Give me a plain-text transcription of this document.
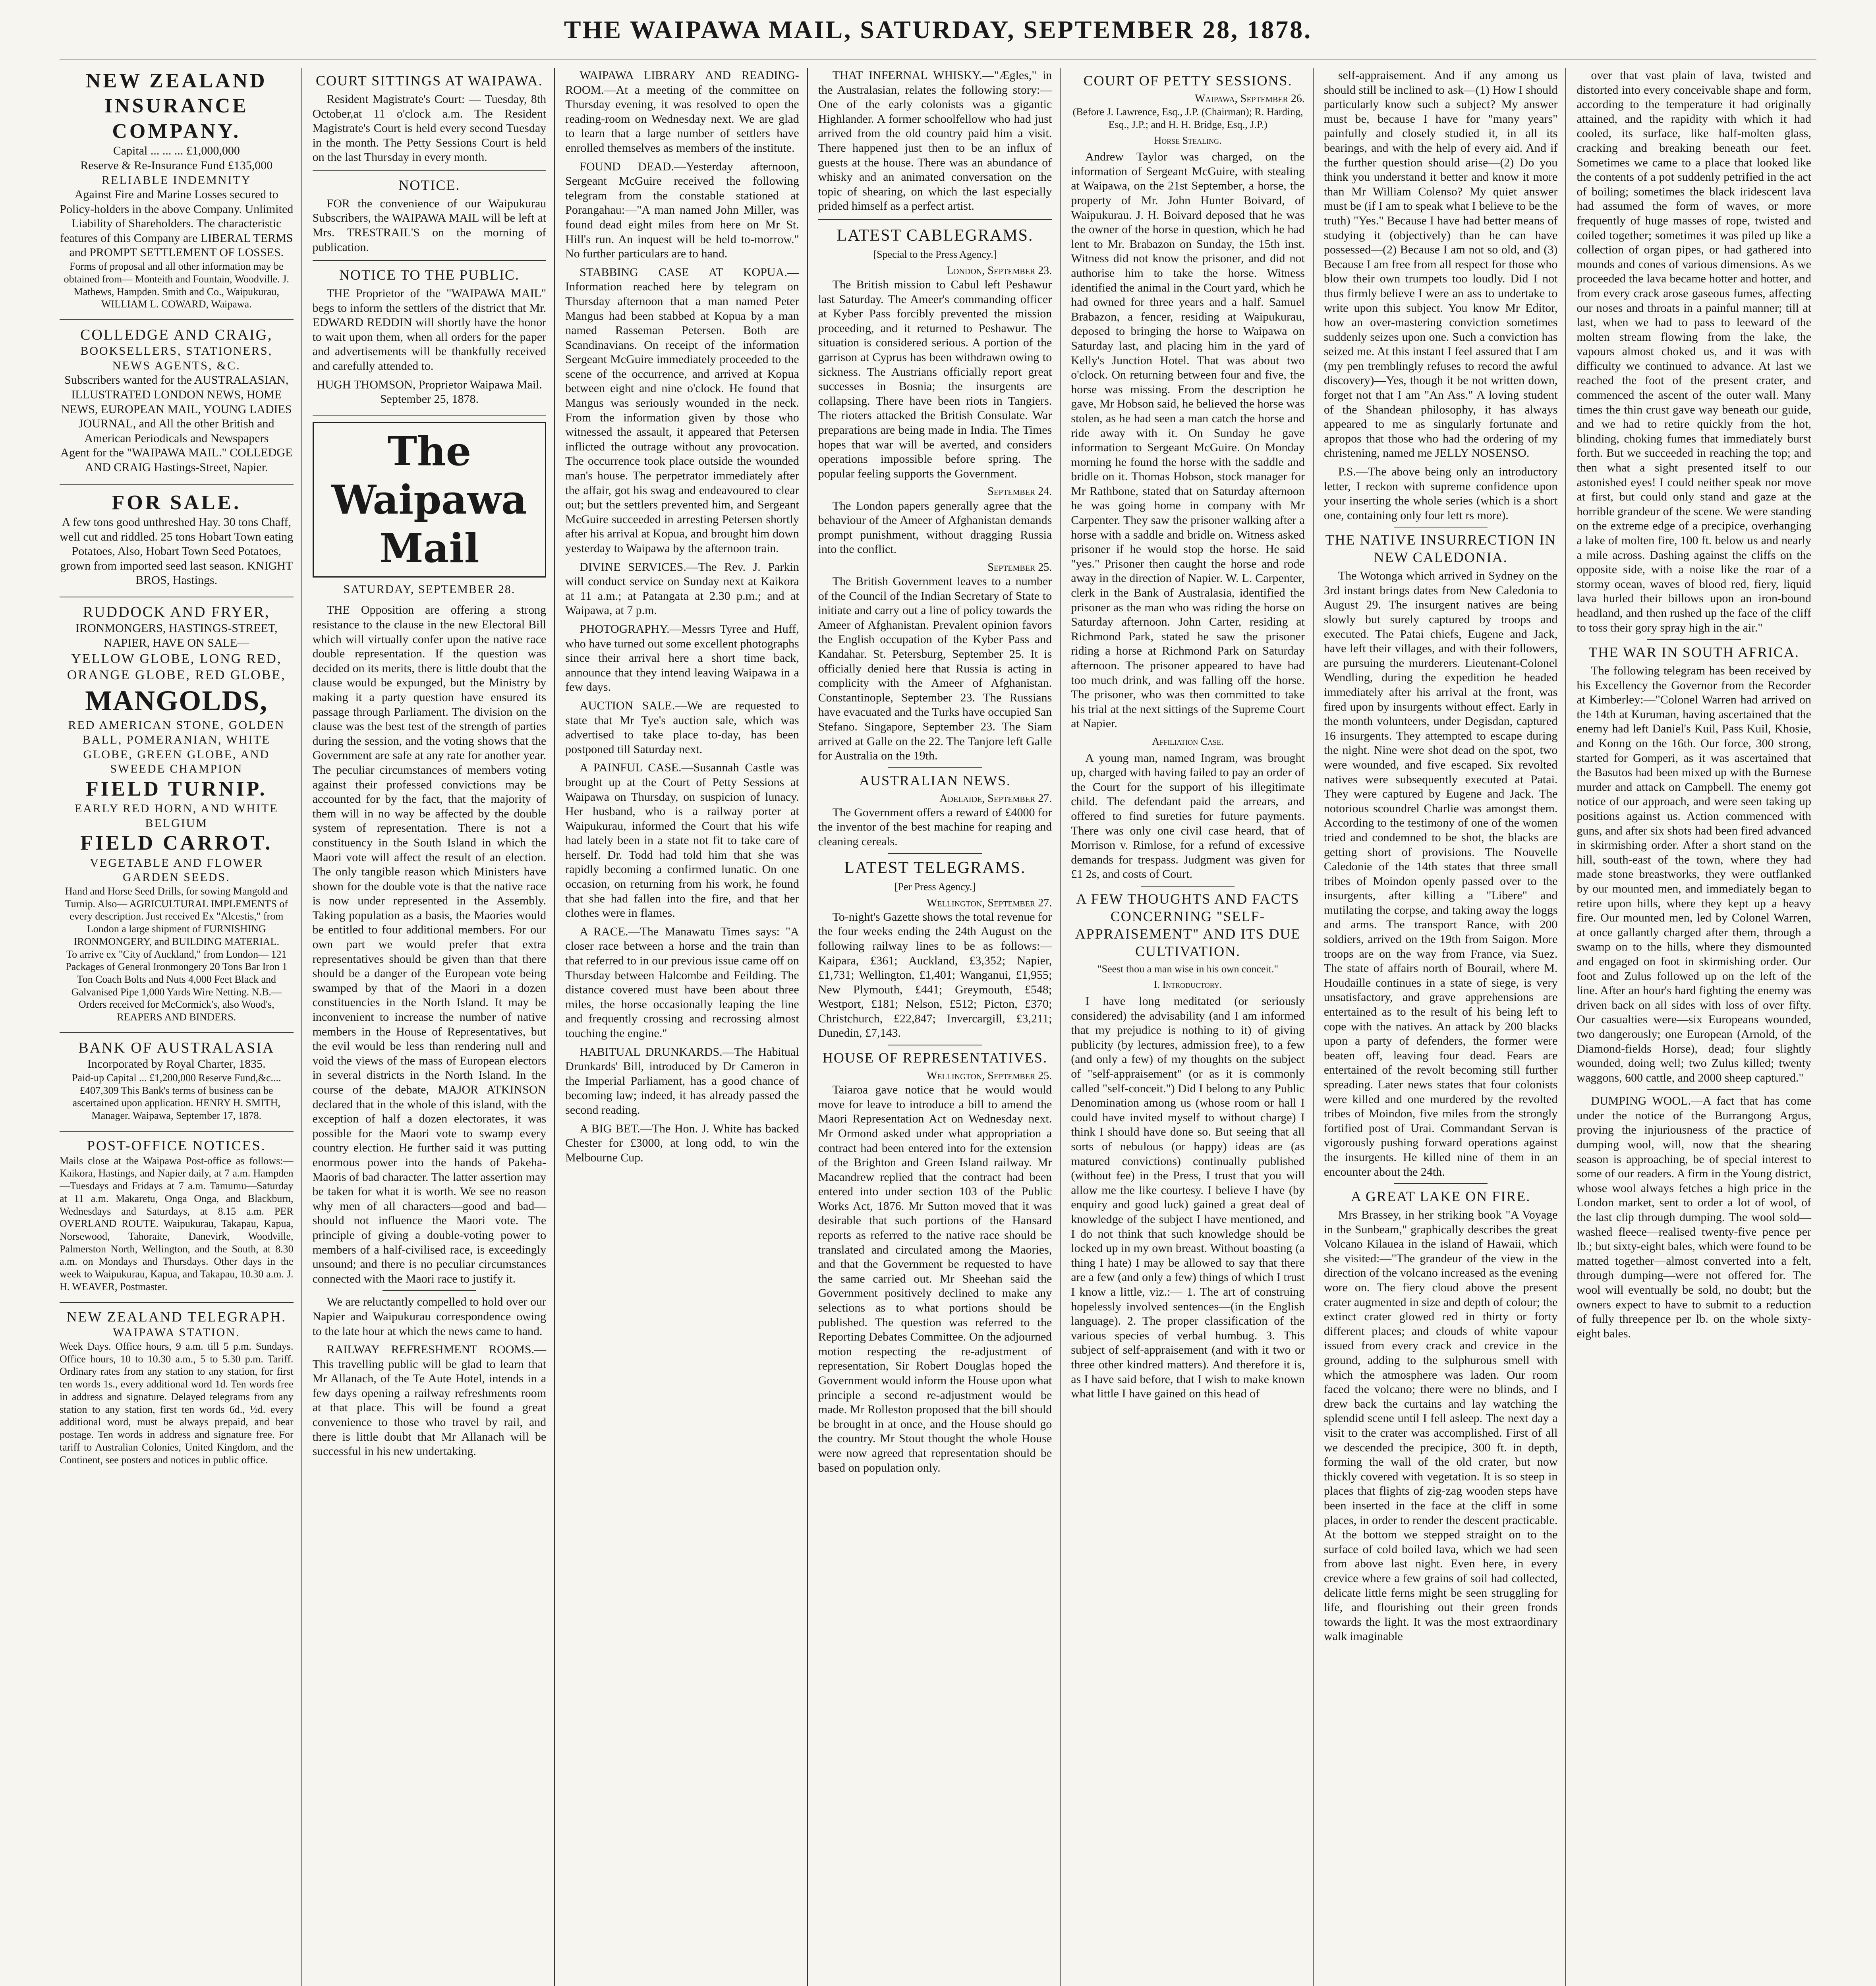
THE WAIPAWA MAIL, SATURDAY, SEPTEMBER 28, 1878.
NEW ZEALAND INSURANCE COMPANY.
Capital ... ... ... £1,000,000
Reserve & Re-Insurance Fund £135,000
RELIABLE INDEMNITY
Against Fire and Marine Losses secured to Policy-holders in the above Company. Unlimited Liability of Shareholders. The characteristic features of this Company are LIBERAL TERMS and PROMPT SETTLEMENT OF LOSSES.
Forms of proposal and all other information may be obtained from— Monteith and Fountain, Woodville. J. Mathews, Hampden. Smith and Co., Waipukurau, WILLIAM L. COWARD, Waipawa.
COLLEDGE AND CRAIG,
BOOKSELLERS, STATIONERS, NEWS AGENTS, &C.
Subscribers wanted for the AUSTRALASIAN, ILLUSTRATED LONDON NEWS, HOME NEWS, EUROPEAN MAIL, YOUNG LADIES JOURNAL, and All the other British and American Periodicals and Newspapers
Agent for the "WAIPAWA MAIL." COLLEDGE AND CRAIG Hastings-Street, Napier.
FOR SALE.
A few tons good unthreshed Hay. 30 tons Chaff, well cut and riddled. 25 tons Hobart Town eating Potatoes, Also, Hobart Town Seed Potatoes, grown from imported seed last season. KNIGHT BROS, Hastings.
RUDDOCK AND FRYER,
IRONMONGERS, HASTINGS-STREET, NAPIER, HAVE ON SALE—
YELLOW GLOBE, LONG RED, ORANGE GLOBE, RED GLOBE,
MANGOLDS,
RED AMERICAN STONE, GOLDEN BALL, POMERANIAN, WHITE GLOBE, GREEN GLOBE, AND SWEEDE CHAMPION
FIELD TURNIP.
EARLY RED HORN, AND WHITE BELGIUM
FIELD CARROT.
VEGETABLE AND FLOWER GARDEN SEEDS.
Hand and Horse Seed Drills, for sowing Mangold and Turnip. Also— AGRICULTURAL IMPLEMENTS of every description. Just received Ex "Alcestis," from London a large shipment of FURNISHING IRONMONGERY, and BUILDING MATERIAL.
To arrive ex "City of Auckland," from London— 121 Packages of General Ironmongery 20 Tons Bar Iron 1 Ton Coach Bolts and Nuts 4,000 Feet Black and Galvanised Pipe 1,000 Yards Wire Netting. N.B.—Orders received for McCormick's, also Wood's, REAPERS AND BINDERS.
BANK OF AUSTRALASIA
Incorporated by Royal Charter, 1835.
Paid-up Capital ... £1,200,000 Reserve Fund,&c.... £407,309 This Bank's terms of business can be ascertained upon application. HENRY H. SMITH, Manager. Waipawa, September 17, 1878.
POST-OFFICE NOTICES.
Mails close at the Waipawa Post-office as follows:— Kaikora, Hastings, and Napier daily, at 7 a.m. Hampden—Tuesdays and Fridays at 7 a.m. Tamumu—Saturday at 11 a.m. Makaretu, Onga Onga, and Blackburn, Wednesdays and Saturdays, at 8.15 a.m. PER OVERLAND ROUTE. Waipukurau, Takapau, Kapua, Norsewood, Tahoraite, Danevirk, Woodville, Palmerston North, Wellington, and the South, at 8.30 a.m. on Mondays and Thursdays. Other days in the week to Waipukurau, Kapua, and Takapau, 10.30 a.m. J. H. WEAVER, Postmaster.
NEW ZEALAND TELEGRAPH.
WAIPAWA STATION.
Week Days. Office hours, 9 a.m. till 5 p.m. Sundays. Office hours, 10 to 10.30 a.m., 5 to 5.30 p.m. Tariff. Ordinary rates from any station to any station, for first ten words 1s., every additional word 1d. Ten words free in address and signature. Delayed telegrams from any station to any station, first ten words 6d., ½d. every additional word, must be always prepaid, and bear postage. Ten words in address and signature free. For tariff to Australian Colonies, United Kingdom, and the Continent, see posters and notices in public office.
COURT SITTINGS AT WAIPAWA.

Resident Magistrate's Court: — Tuesday, 8th October,at 11 o'clock a.m. The Resident Magistrate's Court is held every second Tuesday in the month. The Petty Sessions Court is held on the last Thursday in every month.

NOTICE.

FOR the convenience of our Waipukurau Subscribers, the WAIPAWA MAIL will be left at Mrs. TRESTRAIL'S on the morning of publication.

NOTICE TO THE PUBLIC.

THE Proprietor of the "WAIPAWA MAIL" begs to inform the settlers of the district that Mr. EDWARD REDDIN will shortly have the honor to wait upon them, when all orders for the paper and advertisements will be thankfully received and carefully attended to.

HUGH THOMSON, Proprietor Waipawa Mail. September 25, 1878.
The Waipawa Mail
SATURDAY, SEPTEMBER 28.

THE Opposition are offering a strong resistance to the clause in the new Electoral Bill which will virtually confer upon the native race double representation. If the question was decided on its merits, there is little doubt that the clause would be expunged, but the Ministry by making it a party question have ensured its passage through Parliament. The division on the clause was the best test of the strength of parties during the session, and the voting shows that the Government are safe at any rate for another year. The peculiar circumstances of members voting against their professed convictions may be accounted for by the fact, that the majority of them will in no way be affected by the double system of representation. There is not a constituency in the South Island in which the Maori vote will affect the result of an election. The only tangible reason which Ministers have shown for the double vote is that the native race is now under represented in the Assembly. Taking population as a basis, the Maories would be entitled to four additional members. For our own part we would prefer that extra representatives should be given than that there should be a danger of the European vote being swamped by that of the Maori in a dozen constituencies in the North Island. It may be inconvenient to increase the number of native members in the House of Representatives, but the evil would be less than rendering null and void the views of the mass of European electors in several districts in the North Island. In the course of the debate, MAJOR ATKINSON declared that in the whole of this island, with the exception of half a dozen electorates, it was possible for the Maori vote to swamp every country election. He further said it was putting enormous power into the hands of Pakeha-Maoris of bad character. The latter assertion may be taken for what it is worth. We see no reason why men of all characters—good and bad—should not influence the Maori vote. The principle of giving a double-voting power to members of a half-civilised race, is exceedingly unsound; and there is no peculiar circumstances connected with the Maori race to justify it.

We are reluctantly compelled to hold over our Napier and Waipukurau correspondence owing to the late hour at which the news came to hand.

RAILWAY REFRESHMENT ROOMS.—This travelling public will be glad to learn that Mr Allanach, of the Te Aute Hotel, intends in a few days opening a railway refreshments room at that place. This will be found a great convenience to those who travel by rail, and there is little doubt that Mr Allanach will be successful in his new undertaking.

WAIPAWA LIBRARY AND READING-ROOM.—At a meeting of the committee on Thursday evening, it was resolved to open the reading-room on Wednesday next. We are glad to learn that a large number of settlers have enrolled themselves as members of the institute.

FOUND DEAD.—Yesterday afternoon, Sergeant McGuire received the following telegram from the constable stationed at Porangahau:—"A man named John Miller, was found dead eight miles from here on Mr St. Hill's run. An inquest will be held to-morrow." No further particulars are to hand.

STABBING CASE AT KOPUA.—Information reached here by telegram on Thursday afternoon that a man named Peter Mangus had been stabbed at Kopua by a man named Rasseman Petersen. Both are Scandinavians. On receipt of the information Sergeant McGuire immediately proceeded to the scene of the occurrence, and arrived at Kopua between eight and nine o'clock. He found that Mangus was seriously wounded in the neck. From the information given by those who witnessed the assault, it appeared that Petersen inflicted the outrage without any provocation. The occurrence took place outside the wounded man's house. The perpetrator immediately after the affair, got his swag and endeavoured to clear out; but the settlers prevented him, and Sergeant McGuire succeeded in arresting Petersen shortly after his arrival at Kopua, and brought him down yesterday to Waipawa by the afternoon train.

DIVINE SERVICES.—The Rev. J. Parkin will conduct service on Sunday next at Kaikora at 11 a.m.; at Patangata at 2.30 p.m.; and at Waipawa, at 7 p.m.

PHOTOGRAPHY.—Messrs Tyree and Huff, who have turned out some excellent photographs since their arrival here a short time back, announce that they intend leaving Waipawa in a few days.

AUCTION SALE.—We are requested to state that Mr Tye's auction sale, which was advertised to take place to-day, has been postponed till Saturday next.

A PAINFUL CASE.—Susannah Castle was brought up at the Court of Petty Sessions at Waipawa on Thursday, on suspicion of lunacy. Her husband, who is a railway porter at Waipukurau, informed the Court that his wife had lately been in a state not fit to take care of herself. Dr. Todd had told him that she was rapidly becoming a confirmed lunatic. On one occasion, on returning from his work, he found that she had fallen into the fire, and that her clothes were in flames.

A RACE.—The Manawatu Times says: "A closer race between a horse and the train than that referred to in our previous issue came off on Thursday between Halcombe and Feilding. The distance covered must have been about three miles, the horse occasionally leaping the line and frequently crossing and recrossing almost touching the engine."

HABITUAL DRUNKARDS.—The Habitual Drunkards' Bill, introduced by Dr Cameron in the Imperial Parliament, has a good chance of becoming law; indeed, it has already passed the second reading.

A BIG BET.—The Hon. J. White has backed Chester for £3000, at long odd, to win the Melbourne Cup.

THAT INFERNAL WHISKY.—"Ægles," in the Australasian, relates the following story:—One of the early colonists was a gigantic Highlander. A former schoolfellow who had just arrived from the old country paid him a visit. There happened just then to be an influx of guests at the house. There was an abundance of whisky and an animated conversation on the topic of shearing, on which the last especially prided himself as a perfect artist.

LATEST CABLEGRAMS.
[Special to the Press Agency.]
London, September 23.

The British mission to Cabul left Peshawur last Saturday. The Ameer's commanding officer at Kyber Pass forcibly prevented the mission proceeding, and it returned to Peshawur. The situation is considered serious. A portion of the garrison at Cyprus has been withdrawn owing to sickness. The Austrians officially report great successes in Bosnia; the insurgents are collapsing. There have been riots in Tangiers. The rioters attacked the British Consulate. War preparations are being made in India. The Times hopes that war will be averted, and considers operations impossible before spring. The popular feeling supports the Government.

September 24.

The London papers generally agree that the behaviour of the Ameer of Afghanistan demands prompt punishment, without dragging Russia into the conflict.

September 25.

The British Government leaves to a number of the Council of the Indian Secretary of State to initiate and carry out a line of policy towards the Ameer of Afghanistan. Prevalent opinion favors the English occupation of the Kyber Pass and Kandahar. St. Petersburg, September 25. It is officially denied here that Russia is acting in complicity with the Ameer of Afghanistan. Constantinople, September 23. The Russians have evacuated and the Turks have occupied San Stefano. Singapore, September 23. The Siam arrived at Galle on the 22. The Tanjore left Galle for Australia on the 19th.

AUSTRALIAN NEWS.
Adelaide, September 27.

The Government offers a reward of £4000 for the inventor of the best machine for reaping and cleaning cereals.

LATEST TELEGRAMS.
[Per Press Agency.]
Wellington, September 27.

To-night's Gazette shows the total revenue for the four weeks ending the 24th August on the following railway lines to be as follows:—Kaipara, £361; Auckland, £3,352; Napier, £1,731; Wellington, £1,401; Wanganui, £1,955; New Plymouth, £441; Greymouth, £548; Westport, £181; Nelson, £512; Picton, £370; Christchurch, £22,847; Invercargill, £3,211; Dunedin, £7,143.

HOUSE OF REPRESENTATIVES.
Wellington, September 25.

Taiaroa gave notice that he would would move for leave to introduce a bill to amend the Maori Representation Act on Wednesday next. Mr Ormond asked under what appropriation a contract had been entered into for the extension of the Brighton and Green Island railway. Mr Macandrew replied that the contract had been entered into under section 103 of the Public Works Act, 1876. Mr Sutton moved that it was desirable that such portions of the Hansard reports as referred to the native race should be translated and circulated among the Maories, and that the Government be requested to have the same carried out. Mr Sheehan said the Government positively declined to make any selections as to what portions should be published. The question was referred to the Reporting Debates Committee. On the adjourned motion respecting the re-adjustment of representation, Sir Robert Douglas hoped the Government would inform the House upon what principle a second re-adjustment would be made. Mr Rolleston proposed that the bill should be brought in at once, and the House should go the country. Mr Stout thought the whole House were now agreed that representation should be based on population only.

COURT OF PETTY SESSIONS.
Waipawa, September 26.
(Before J. Lawrence, Esq., J.P. (Chairman); R. Harding, Esq., J.P.; and H. H. Bridge, Esq., J.P.)
Horse Stealing.

Andrew Taylor was charged, on the information of Sergeant McGuire, with stealing at Waipawa, on the 21st September, a horse, the property of Mr. John Hunter Boivard, of Waipukurau. J. H. Boivard deposed that he was the owner of the horse in question, which he had lent to Mr. Brabazon on Sunday, the 15th inst. Witness did not know the prisoner, and did not authorise him to take the horse. Witness identified the animal in the Court yard, which he had owned for three years and a half. Samuel Brabazon, a fencer, residing at Waipukurau, deposed to bringing the horse to Waipawa on Saturday last, and placing him in the yard of Kelly's Junction Hotel. That was about two o'clock. On returning between four and five, the horse was missing. From the description he gave, Mr Hobson said, he believed the horse was stolen, as he had seen a man catch the horse and ride away with it. On Sunday he gave information to Sergeant McGuire. On Monday morning he found the horse with the saddle and bridle on it. Thomas Hobson, stock manager for Mr Rathbone, stated that on Saturday afternoon he was going home in company with Mr Carpenter. They saw the prisoner walking after a horse with a saddle and bridle on. Witness asked prisoner if he would stop the horse. He said "yes." Prisoner then caught the horse and rode away in the direction of Napier. W. L. Carpenter, clerk in the Bank of Australasia, identified the prisoner as the man who was riding the horse on Saturday afternoon. John Carter, residing at Richmond Park, stated he saw the prisoner riding a horse at Richmond Park on Saturday afternoon. The prisoner appeared to have had too much drink, and was falling off the horse. The prisoner, who was then committed to take his trial at the next sittings of the Supreme Court at Napier.

Affiliation Case.

A young man, named Ingram, was brought up, charged with having failed to pay an order of the Court for the support of his illegitimate child. The defendant paid the arrears, and offered to find sureties for future payments. There was only one civil case heard, that of Morrison v. Rimlose, for a refund of excessive demands for trespass. Judgment was given for £1 2s, and costs of Court.

A FEW THOUGHTS AND FACTS CONCERNING "SELF-APPRAISEMENT" AND ITS DUE CULTIVATION.
"Seest thou a man wise in his own conceit."
I. Introductory.

I have long meditated (or seriously considered) the advisability (and I am informed that my prejudice is nothing to it) of giving publicity (by lectures, admission free), to a few (and only a few) of my thoughts on the subject of "self-appraisement" (or as it is commonly called "self-conceit.") Did I belong to any Public Denomination among us (whose room or hall I could have invited myself to without charge) I think I should have done so. But seeing that all sorts of nebulous (or happy) ideas are (as matured convictions) continually published (without fee) in the Press, I trust that you will allow me the like courtesy. I believe I have (by enquiry and good luck) gained a great deal of knowledge of the subject I have mentioned, and I do not think that such knowledge should be locked up in my own breast. Without boasting (a thing I hate) I may be allowed to say that there are a few (and only a few) things of which I trust I know a little, viz.:— 1. The art of construing hopelessly involved sentences—(in the English language). 2. The proper classification of the various species of verbal humbug. 3. This subject of self-appraisement (and with it two or three other kindred matters). And therefore it is, as I have said before, that I wish to make known what little I have gained on this head of

self-appraisement. And if any among us should still be inclined to ask—(1) How I should particularly know such a subject? My answer must be, because I have for "many years" painfully and closely studied it, in all its bearings, and with the help of every aid. And if the further question should arise—(2) Do you think you understand it better and know it more than Mr William Colenso? My quiet answer must be (if I am to speak what I believe to be the truth) "Yes." Because I have had better means of studying it (objectively) than he can have possessed—(2) Because I am not so old, and (3) Because I am free from all respect for those who blow their own trumpets too loudly. Did I not thus firmly believe I were an ass to undertake to write upon this subject. You know Mr Editor, how an over-mastering conviction sometimes suddenly seizes upon one. Such a conviction has seized me. At this instant I feel assured that I am (my pen tremblingly refuses to record the awful discovery)—Yes, though it be not written down, forget not that I am "An Ass." A loving student of the Shandean philosophy, it has always appeared to me as singularly fortunate and apropos that those who had the ordering of my christening, named me JELLY NOSENSO.

P.S.—The above being only an introductory letter, I reckon with supreme confidence upon your inserting the whole series (which is a short one, containing only four lett rs more).

THE NATIVE INSURRECTION IN NEW CALEDONIA.

The Wotonga which arrived in Sydney on the 3rd instant brings dates from New Caledonia to August 29. The insurgent natives are being slowly but surely captured by troops and executed. The Patai chiefs, Eugene and Jack, have left their villages, and with their followers, are pursuing the murderers. Lieutenant-Colonel Wendling, during the expedition he headed immediately after his arrival at the front, was fired upon by insurgents without effect. Early in the month volunteers, under Degisdan, captured 16 insurgents. They attempted to escape during the night. Nine were shot dead on the spot, two were wounded, and five escaped. Six revolted natives were subsequently executed at Patai. They were captured by Eugene and Jack. The notorious scoundrel Charlie was amongst them. According to the testimony of one of the women tried and condemned to be shot, the blacks are getting short of provisions. The Nouvelle Caledonie of the 14th states that three small tribes of Moindon openly passed over to the insurgents, after killing a "Libere" and mutilating the corpse, and taking away the loggs and arms. The transport Rance, with 200 soldiers, arrived on the 19th from Saigon. More troops are on the way from France, via Suez. The state of affairs north of Bourail, where M. Houdaille continues in a state of siege, is very unsatisfactory, and grave apprehensions are entertained as to the result of his being left to cope with the natives. An attack by 200 blacks upon a party of defenders, the former were beaten off, leaving four dead. Fears are entertained of the revolt becoming still further spreading. Later news states that four colonists were killed and one murdered by the revolted tribes of Moindon, five miles from the strongly fortified post of Urai. Commandant Servan is vigorously pushing forward operations against the insurgents. He killed nine of them in an encounter about the 24th.

A GREAT LAKE ON FIRE.

Mrs Brassey, in her striking book "A Voyage in the Sunbeam," graphically describes the great Volcano Kilauea in the island of Hawaii, which she visited:—"The grandeur of the view in the direction of the volcano increased as the evening wore on. The fiery cloud above the present crater augmented in size and depth of colour; the extinct crater glowed red in thirty or forty different places; and clouds of white vapour issued from every crack and crevice in the ground, adding to the sulphurous smell with which the atmosphere was laden. Our room faced the volcano; there were no blinds, and I drew back the curtains and lay watching the splendid scene until I fell asleep. The next day a visit to the crater was accomplished. First of all we descended the precipice, 300 ft. in depth, forming the wall of the old crater, but now thickly covered with vegetation. It is so steep in places that flights of zig-zag wooden steps have been inserted in the face at the cliff in some places, in order to render the descent practicable. At the bottom we stepped straight on to the surface of cold boiled lava, which we had seen from above last night. Even here, in every crevice where a few grains of soil had collected, delicate little ferns might be seen struggling for life, and flourishing out their green fronds towards the light. It was the most extraordinary walk imaginable

over that vast plain of lava, twisted and distorted into every conceivable shape and form, according to the temperature it had originally attained, and the rapidity with which it had cooled, its surface, like half-molten glass, cracking and breaking beneath our feet. Sometimes we came to a place that looked like the contents of a pot suddenly petrified in the act of boiling; sometimes the black iridescent lava had assumed the form of waves, or more frequently of huge masses of rope, twisted and coiled together; sometimes it was piled up like a collection of organ pipes, or had gathered into mounds and cones of various dimensions. As we proceeded the lava became hotter and hotter, and from every crack arose gaseous fumes, affecting our noses and throats in a painful manner; till at last, when we had to pass to leeward of the molten stream flowing from the lake, the vapours almost choked us, and it was with difficulty we continued to advance. At last we reached the foot of the present crater, and commenced the ascent of the outer wall. Many times the thin crust gave way beneath our guide, and we had to retire quickly from the hot, blinding, choking fumes that immediately burst forth. But we succeeded in reaching the top; and then what a sight presented itself to our astonished eyes! I could neither speak nor move at first, but could only stand and gaze at the horrible grandeur of the scene. We were standing on the extreme edge of a precipice, overhanging a lake of molten fire, 100 ft. below us and nearly a mile across. Dashing against the cliffs on the opposite side, with a noise like the roar of a stormy ocean, waves of blood red, fiery, liquid lava hurled their billows upon an iron-bound headland, and then rushed up the face of the cliff to toss their gory spray high in the air."

THE WAR IN SOUTH AFRICA.

The following telegram has been received by his Excellency the Governor from the Recorder at Kimberley:—"Colonel Warren had arrived on the 14th at Kuruman, having ascertained that the enemy had left Daniel's Kuil, Pass Kuil, Khosie, and Konng on the 16th. Our force, 300 strong, started for Gomperi, as it was ascertained that the Basutos had been mixed up with the Burnese murder and attack on Campbell. The enemy got notice of our approach, and were seen taking up positions against us. Action commenced with guns, and after six shots had been fired advanced in skirmishing order. After a short stand on the hill, south-east of the town, where they had made stone breastworks, they were outflanked by our mounted men, and immediately began to retire upon hills, where they kept up a heavy fire. Our mounted men, led by Colonel Warren, at once gallantly charged after them, through a swamp on to the hills, where they dismounted and engaged on foot in skirmishing order. Our foot and Zulus followed up on the left of the line. After an hour's hard fighting the enemy was driven back on all sides with loss of over fifty. Our casualties were—six Europeans wounded, two dangerously; one European (Arnold, of the Diamond-fields Horse), dead; four slightly wounded, doing well; two Zulus killed; twenty waggons, 600 cattle, and 2000 sheep captured."

DUMPING WOOL.—A fact that has come under the notice of the Burrangong Argus, proving the injuriousness of the practice of dumping wool, will, now that the shearing season is approaching, be of special interest to some of our readers. A firm in the Young district, whose wool always fetches a high price in the London market, sent to order a lot of wool, of the last clip through dumping. The wool sold—washed fleece—realised twenty-five pence per lb.; but sixty-eight bales, which were found to be matted together—almost converted into a felt, through dumping—were not offered for. The wool will eventually be sold, no doubt; but the owners expect to have to submit to a reduction of fully threepence per lb. on the whole sixty-eight bales.
